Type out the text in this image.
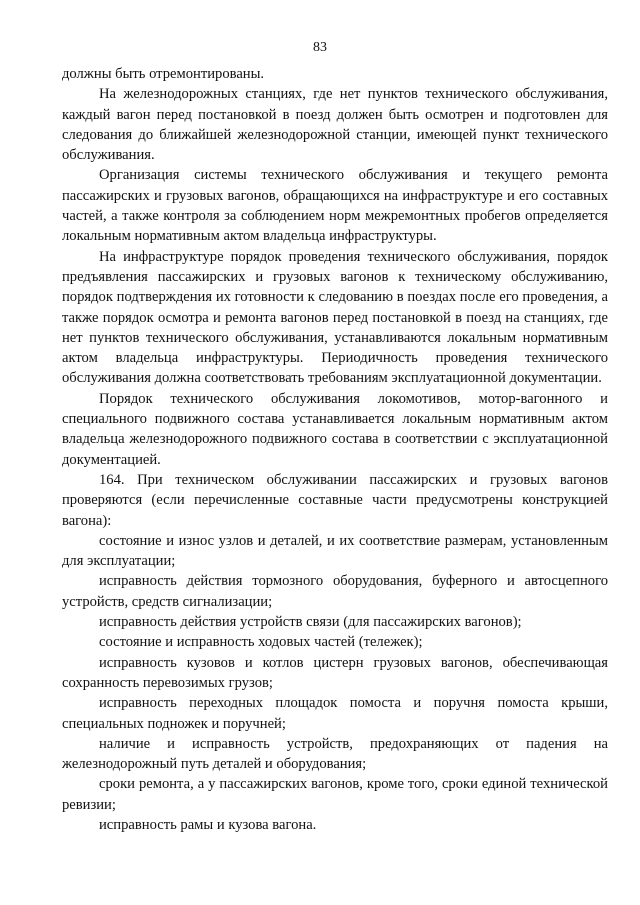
83

должны быть отремонтированы.

На железнодорожных станциях, где нет пунктов технического обслуживания, каждый вагон перед постановкой в поезд должен быть осмотрен и подготовлен для следования до ближайшей железнодорожной станции, имеющей пункт технического обслуживания.

Организация системы технического обслуживания и текущего ремонта пассажирских и грузовых вагонов, обращающихся на инфраструктуре и его составных частей, а также контроля за соблюдением норм межремонтных пробегов определяется локальным нормативным актом владельца инфраструктуры.

На инфраструктуре порядок проведения технического обслуживания, порядок предъявления пассажирских и грузовых вагонов к техническому обслуживанию, порядок подтверждения их готовности к следованию в поездах после его проведения, а также порядок осмотра и ремонта вагонов перед постановкой в поезд на станциях, где нет пунктов технического обслуживания, устанавливаются локальным нормативным актом владельца инфраструктуры. Периодичность проведения технического обслуживания должна соответствовать требованиям эксплуатационной документации.

Порядок технического обслуживания локомотивов, мотор-вагонного и специального подвижного состава устанавливается локальным нормативным актом владельца железнодорожного подвижного состава в соответствии с эксплуатационной документацией.

164. При техническом обслуживании пассажирских и грузовых вагонов проверяются (если перечисленные составные части предусмотрены конструкцией вагона):

состояние и износ узлов и деталей, и их соответствие размерам, установленным для эксплуатации;

исправность действия тормозного оборудования, буферного и автосцепного устройств, средств сигнализации;

исправность действия устройств связи (для пассажирских вагонов);

состояние и исправность ходовых частей (тележек);

исправность кузовов и котлов цистерн грузовых вагонов, обеспечивающая сохранность перевозимых грузов;

исправность переходных площадок помоста и поручня помоста крыши, специальных подножек и поручней;

наличие и исправность устройств, предохраняющих от падения на железнодорожный путь деталей и оборудования;

сроки ремонта, а у пассажирских вагонов, кроме того, сроки единой технической ревизии;

исправность рамы и кузова вагона.
